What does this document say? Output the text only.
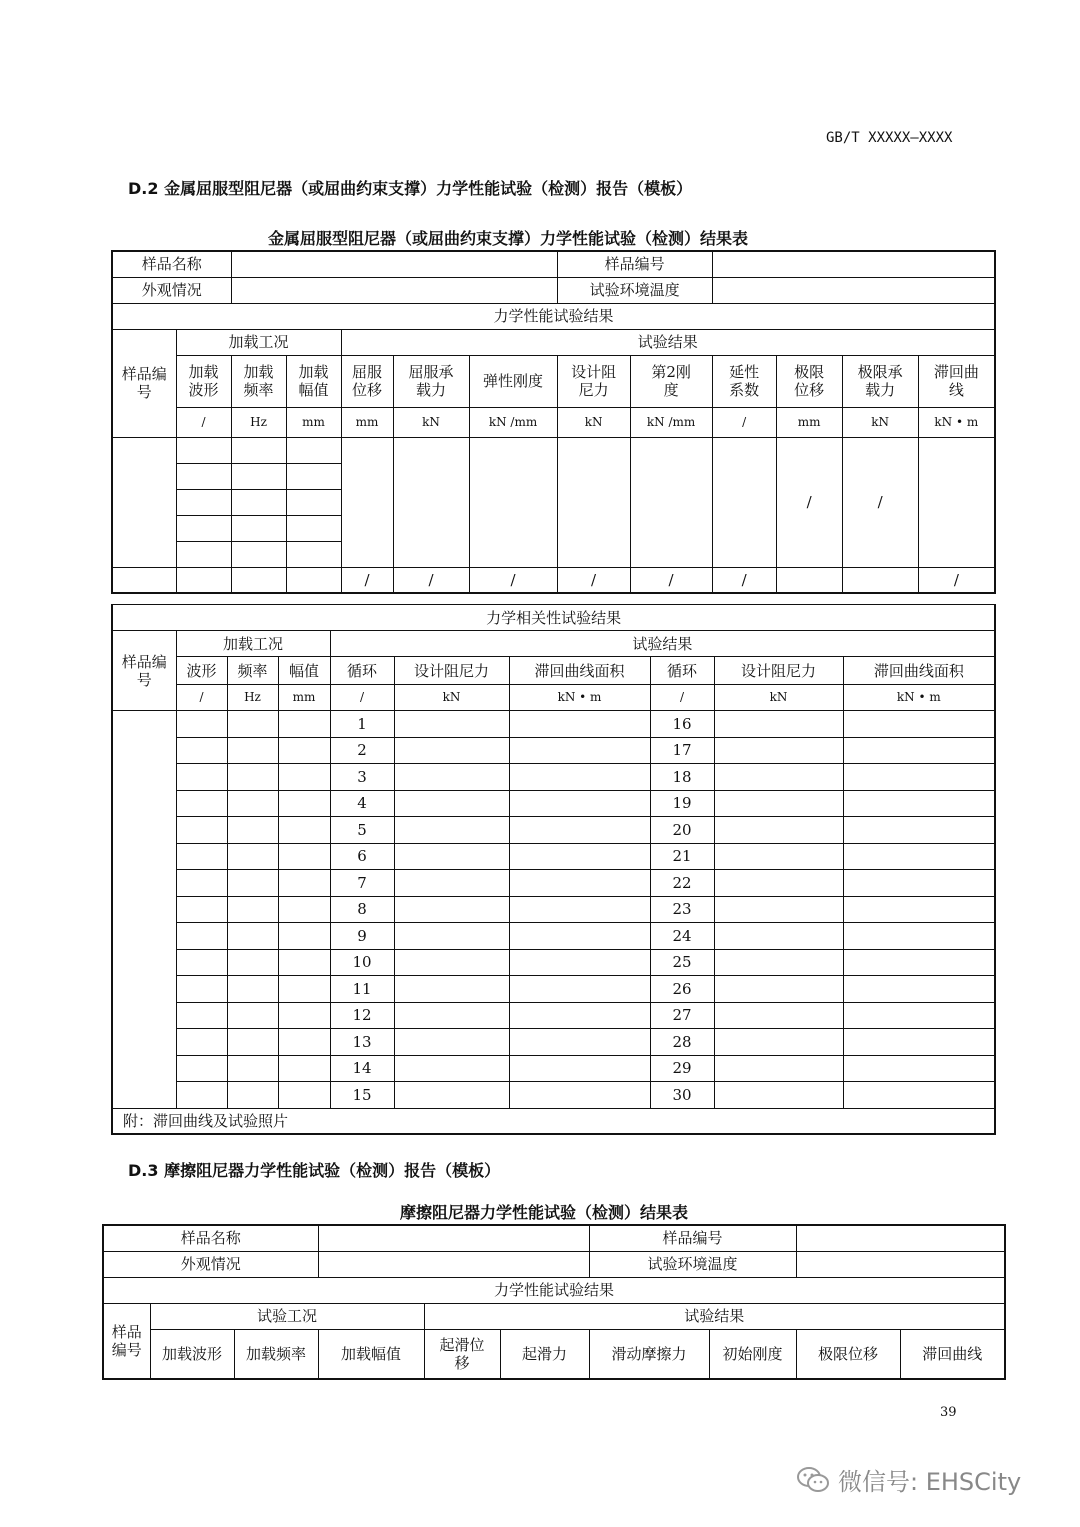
GB/T XXXXX—XXXX
D.2 金属屈服型阻尼器（或屈曲约束支撑）力学性能试验（检测）报告（模板）
金属屈服型阻尼器（或屈曲约束支撑）力学性能试验（检测）结果表
样品名称							样品编号					
外观情况							试验环境温度					
力学性能试验结果												
样品编号	加载工况			试验结果								
	加载波形	加载频率	加载幅值	屈服位移	屈服承载力	弹性刚度	设计阻尼力	第2刚度	延性系数	极限位移	极限承载力	滞回曲线
	/	Hz	mm	mm	kN	kN /mm	kN	kN /mm	/	mm	kN	kN • m
										/	/	

				/	/	/	/	/	/			/
力学相关性试验结果									
样品编号	加载工况			试验结果					
	波形	频率	幅值	循环	设计阻尼力	滞回曲线面积	循环	设计阻尼力	滞回曲线面积
	/	Hz	mm	/	kN	kN • m	/	kN	kN • m
				1			16		
				2			17		
				3			18		
				4			19		
				5			20		
				6			21		
				7			22		
				8			23		
				9			24		
				10			25		
				11			26		
				12			27		
				13			28		
				14			29		
				15			30		
附：滞回曲线及试验照片									
D.3 摩擦阻尼器力学性能试验（检测）报告（模板）
摩擦阻尼器力学性能试验（检测）结果表
样品名称						样品编号			
外观情况						试验环境温度			
力学性能试验结果									
样品编号	试验工况			试验结果					
	加载波形	加载频率	加载幅值	起滑位移	起滑力	滑动摩擦力	初始刚度	极限位移	滞回曲线
39
微信号: EHSCity
